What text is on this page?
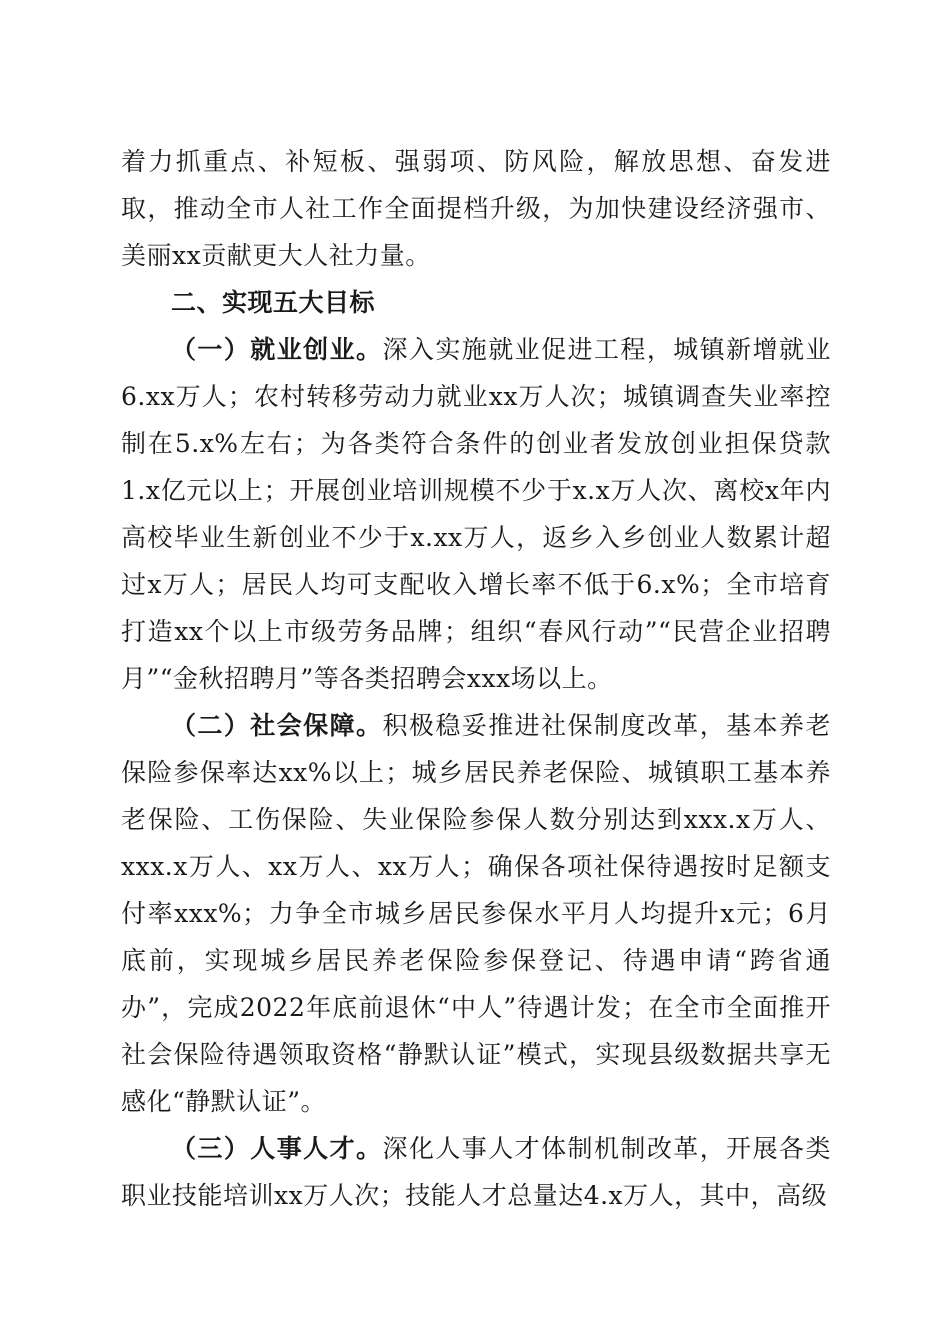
着力抓重点、补短板、强弱项、防风险，解放思想、奋发进取，推动全市人社工作全面提档升级，为加快建设经济强市、美丽xx贡献更大人社力量。

二、实现五大目标

（一）就业创业。深入实施就业促进工程，城镇新增就业6.xx万人；农村转移劳动力就业xx万人次；城镇调查失业率控制在5.x%左右；为各类符合条件的创业者发放创业担保贷款1.x亿元以上；开展创业培训规模不少于x.x万人次、离校x年内高校毕业生新创业不少于x.xx万人，返乡入乡创业人数累计超过x万人；居民人均可支配收入增长率不低于6.x%；全市培育打造xx个以上市级劳务品牌；组织“春风行动”“民营企业招聘月”“金秋招聘月”等各类招聘会xxx场以上。

（二）社会保障。积极稳妥推进社保制度改革，基本养老保险参保率达xx%以上；城乡居民养老保险、城镇职工基本养老保险、工伤保险、失业保险参保人数分别达到xxx.x万人、xxx.x万人、xx万人、xx万人；确保各项社保待遇按时足额支付率xxx%；力争全市城乡居民参保水平月人均提升x元；6月底前，实现城乡居民养老保险参保登记、待遇申请“跨省通办”，完成2022年底前退休“中人”待遇计发；在全市全面推开社会保险待遇领取资格“静默认证”模式，实现县级数据共享无感化“静默认证”。

（三）人事人才。深化人事人才体制机制改革，开展各类职业技能培训xx万人次；技能人才总量达4.x万人，其中，高级
